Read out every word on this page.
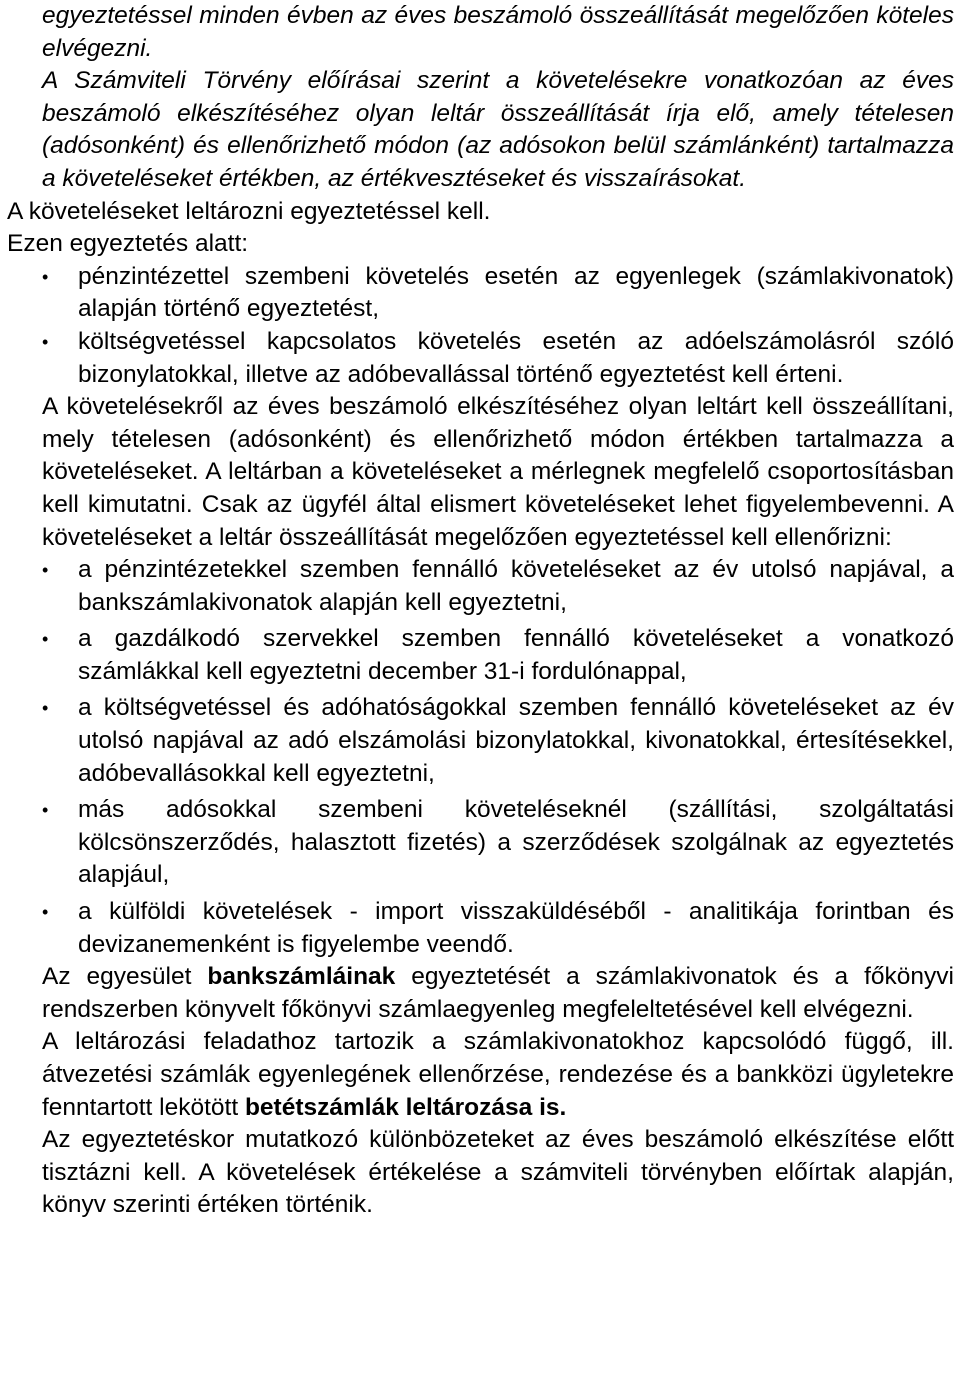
egyeztetéssel minden évben az éves beszámoló összeállítását megelőzően köteles elvégezni.

A Számviteli Törvény előírásai szerint a követelésekre vonatkozóan az éves beszámoló elkészítéséhez olyan leltár összeállítását írja elő, amely tételesen (adósonként) és ellenőrizhető módon (az adósokon belül számlánként) tartalmazza a követeléseket értékben, az értékvesztéseket és visszaírásokat.

A követeléseket leltározni egyeztetéssel kell.

Ezen egyeztetés alatt:

•	pénzintézettel szembeni követelés esetén az egyenlegek (számlakivonatok) alapján történő egyeztetést,
•	költségvetéssel kapcsolatos követelés esetén az adóelszámolásról szóló bizonylatokkal, illetve az adóbevallással történő egyeztetést kell érteni.

A követelésekről az éves beszámoló elkészítéséhez olyan leltárt kell összeállítani, mely tételesen (adósonként) és ellenőrizhető módon értékben tartalmazza a követeléseket. A leltárban a követeléseket a mérlegnek megfelelő csoportosításban kell kimutatni. Csak az ügyfél által elismert követeléseket lehet figyelembevenni. A követeléseket a leltár összeállítását megelőzően egyeztetéssel kell ellenőrizni:

•	a pénzintézetekkel szemben fennálló követeléseket az év utolsó napjával, a bankszámlakivonatok alapján kell egyeztetni,
•	a gazdálkodó szervekkel szemben fennálló követeléseket a vonatkozó számlákkal kell egyeztetni december 31-i fordulónappal,
•	a költségvetéssel és adóhatóságokkal szemben fennálló követeléseket az év utolsó napjával az adó elszámolási bizonylatokkal, kivonatokkal, értesítésekkel, adóbevallásokkal kell egyeztetni,
•	más adósokkal szembeni követeléseknél (szállítási, szolgáltatási kölcsönszerződés, halasztott fizetés) a szerződések szolgálnak az egyeztetés alapjául,
•	a külföldi követelések - import visszaküldéséből - analitikája forintban és devizanemenként is figyelembe veendő.

Az egyesület bankszámláinak egyeztetését a számlakivonatok és a főkönyvi rendszerben könyvelt főkönyvi számlaegyenleg megfeleltetésével kell elvégezni.

A leltározási feladathoz tartozik a számlakivonatokhoz kapcsolódó függő, ill. átvezetési számlák egyenlegének ellenőrzése, rendezése és a bankközi ügyletekre fenntartott lekötött betétszámlák leltározása is.

Az egyeztetéskor mutatkozó különbözeteket az éves beszámoló elkészítése előtt tisztázni kell. A követelések értékelése a számviteli törvényben előírtak alapján, könyv szerinti értéken történik.
